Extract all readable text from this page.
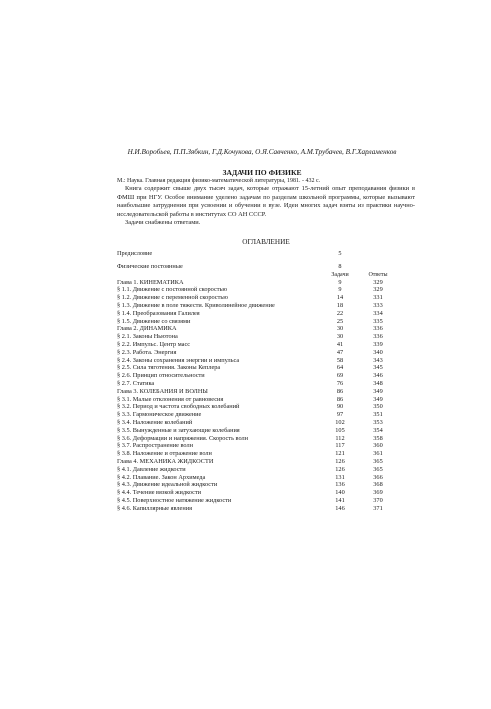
Н.И.Воробьев, П.П.Зябкин, Г.Д.Кочукова, О.Я.Савченко, А.М.Трубачев, В.Г.Харламенков
ЗАДАЧИ ПО ФИЗИКЕ
М.: Наука. Главная редакция физико-математической литературы, 1981. - 432 с.

Книга содержит свыше двух тысяч задач, которые отражают 15-летний опыт преподавания физики в ФМШ при НГУ. Особое внимание уделено задачам по разделам школьной программы, которые вызывают наибольшие затруднения при усвоении и обучении в вузе. Идеи многих задач взяты из практики научно-исследовательской работы в институтах СО АН СССР.

Задачи снабжены ответами.

ОГЛАВЛЕНИЕ
Предисловие	5
Физические постоянные	8
Задачи	Ответы
Глава 1. КИНЕМАТИКА	9	329
§ 1.1. Движение с постоянной скоростью	9	329
§ 1.2. Движение с переменной скоростью	14	331
§ 1.3. Движение в поле тяжести. Криволинейное движение	18	333
§ 1.4. Преобразования Галилея	22	334
§ 1.5. Движение со связями	25	335
Глава 2. ДИНАМИКА	30	336
§ 2.1. Законы Ньютона	30	336
§ 2.2. Импульс. Центр масс	41	339
§ 2.3. Работа. Энергия	47	340
§ 2.4. Законы сохранения энергии и импульса	58	343
§ 2.5. Сила тяготения. Законы Кеплера	64	345
§ 2.6. Принцип относительности	69	346
§ 2.7. Статика	76	348
Глава 3. КОЛЕБАНИЯ И ВОЛНЫ	86	349
§ 3.1. Малые отклонения от равновесия	86	349
§ 3.2. Период и частота свободных колебаний	90	350
§ 3.3. Гармоническое движение	97	351
§ 3.4. Наложение колебаний	102	353
§ 3.5. Вынужденные и затухающие колебания	105	354
§ 3.6. Деформации и напряжения. Скорость волн	112	358
§ 3.7. Распространение волн	117	360
§ 3.8. Наложение и отражение волн	121	361
Глава 4. МЕХАНИКА ЖИДКОСТИ	126	365
§ 4.1. Давление жидкости	126	365
§ 4.2. Плавание. Закон Архимеда	131	366
§ 4.3. Движение идеальной жидкости	136	368
§ 4.4. Течение вязкой жидкости	140	369
§ 4.5. Поверхностное натяжение жидкости	141	370
§ 4.6. Капиллярные явления	146	371
